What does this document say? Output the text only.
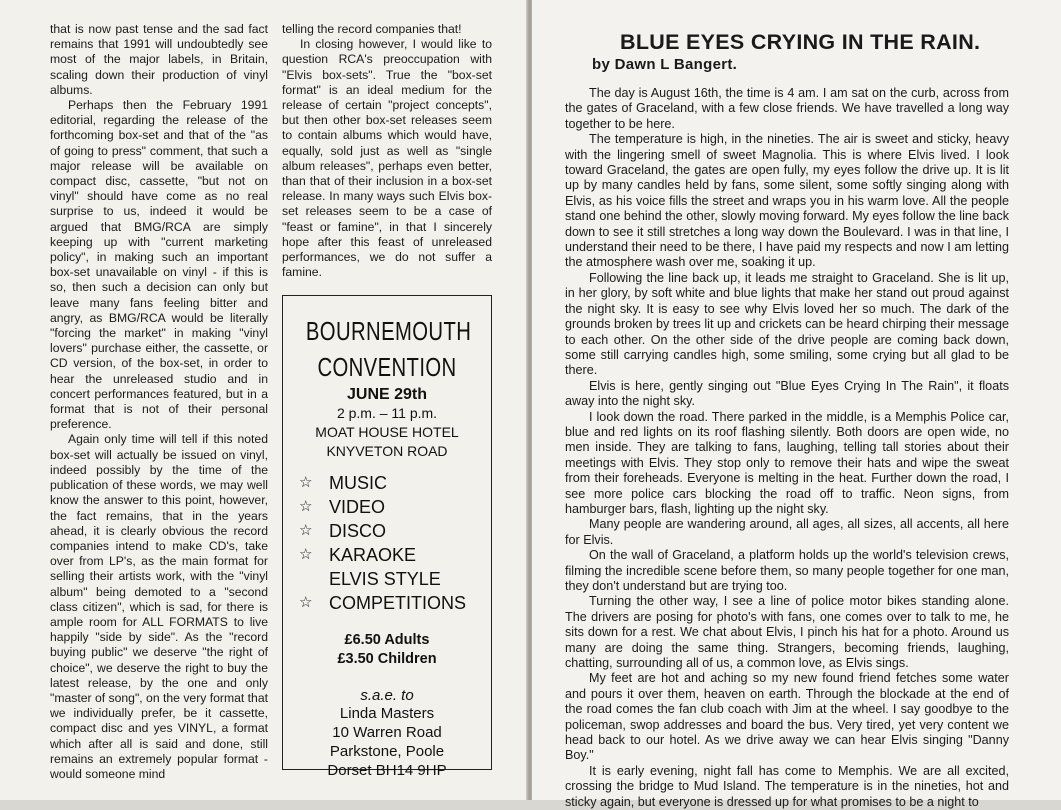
that is now past tense and the sad fact remains that 1991 will undoubtedly see most of the major labels, in Britain, scaling down their production of vinyl albums.

Perhaps then the February 1991 editorial, regarding the release of the forthcoming box-set and that of the "as of going to press" comment, that such a major release will be available on compact disc, cassette, "but not on vinyl" should have come as no real surprise to us, indeed it would be argued that BMG/RCA are simply keeping up with "current marketing policy", in making such an important box-set unavailable on vinyl - if this is so, then such a decision can only but leave many fans feeling bitter and angry, as BMG/RCA would be literally "forcing the market" in making "vinyl lovers" purchase either, the cassette, or CD version, of the box-set, in order to hear the unreleased studio and in concert performances featured, but in a format that is not of their personal preference.

Again only time will tell if this noted box-set will actually be issued on vinyl, indeed possibly by the time of the publication of these words, we may well know the answer to this point, however, the fact remains, that in the years ahead, it is clearly obvious the record companies intend to make CD's, take over from LP's, as the main format for selling their artists work, with the "vinyl album" being demoted to a "second class citizen", which is sad, for there is ample room for ALL FORMATS to live happily "side by side". As the "record buying public" we deserve "the right of choice", we deserve the right to buy the latest release, by the one and only "master of song", on the very format that we individually prefer, be it cassette, compact disc and yes VINYL, a format which after all is said and done, still remains an extremely popular format - would someone mind

telling the record companies that!

In closing however, I would like to question RCA's preoccupation with "Elvis box-sets". True the "box-set format" is an ideal medium for the release of certain "project concepts", but then other box-set releases seem to contain albums which would have, equally, sold just as well as "single album releases", perhaps even better, than that of their inclusion in a box-set release. In many ways such Elvis box-set releases seem to be a case of "feast or famine", in that I sincerely hope after this feast of unreleased performances, we do not suffer a famine.

BOURNEMOUTH
CONVENTION
JUNE 29th
2 p.m. – 11 p.m.
MOAT HOUSE HOTEL
KNYVETON ROAD
☆ MUSIC
☆ VIDEO
☆ DISCO
☆ KARAOKE
ELVIS STYLE
☆ COMPETITIONS
£6.50 Adults
£3.50 Children
s.a.e. to
Linda Masters
10 Warren Road
Parkstone, Poole
Dorset BH14 9HP
BLUE EYES CRYING IN THE RAIN.
by Dawn L Bangert.

The day is August 16th, the time is 4 am. I am sat on the curb, across from the gates of Graceland, with a few close friends. We have travelled a long way together to be here.

The temperature is high, in the nineties. The air is sweet and sticky, heavy with the lingering smell of sweet Magnolia. This is where Elvis lived. I look toward Graceland, the gates are open fully, my eyes follow the drive up. It is lit up by many candles held by fans, some silent, some softly singing along with Elvis, as his voice fills the street and wraps you in his warm love. All the people stand one behind the other, slowly moving forward. My eyes follow the line back down to see it still stretches a long way down the Boulevard. I was in that line, I understand their need to be there, I have paid my respects and now I am letting the atmosphere wash over me, soaking it up.

Following the line back up, it leads me straight to Graceland. She is lit up, in her glory, by soft white and blue lights that make her stand out proud against the night sky. It is easy to see why Elvis loved her so much. The dark of the grounds broken by trees lit up and crickets can be heard chirping their message to each other. On the other side of the drive people are coming back down, some still carrying candles high, some smiling, some crying but all glad to be there.

Elvis is here, gently singing out "Blue Eyes Crying In The Rain", it floats away into the night sky.

I look down the road. There parked in the middle, is a Memphis Police car, blue and red lights on its roof flashing silently. Both doors are open wide, no men inside. They are talking to fans, laughing, telling tall stories about their meetings with Elvis. They stop only to remove their hats and wipe the sweat from their foreheads. Everyone is melting in the heat. Further down the road, I see more police cars blocking the road off to traffic. Neon signs, from hamburger bars, flash, lighting up the night sky.

Many people are wandering around, all ages, all sizes, all accents, all here for Elvis.

On the wall of Graceland, a platform holds up the world's television crews, filming the incredible scene before them, so many people together for one man, they don't understand but are trying too.

Turning the other way, I see a line of police motor bikes standing alone. The drivers are posing for photo's with fans, one comes over to talk to me, he sits down for a rest. We chat about Elvis, I pinch his hat for a photo. Around us many are doing the same thing. Strangers, becoming friends, laughing, chatting, surrounding all of us, a common love, as Elvis sings.

My feet are hot and aching so my new found friend fetches some water and pours it over them, heaven on earth. Through the blockade at the end of the road comes the fan club coach with Jim at the wheel. I say goodbye to the policeman, swop addresses and board the bus. Very tired, yet very content we head back to our hotel. As we drive away we can hear Elvis singing "Danny Boy."

It is early evening, night fall has come to Memphis. We are all excited, crossing the bridge to Mud Island. The temperature is in the nineties, hot and sticky again, but everyone is dressed up for what promises to be a night to
